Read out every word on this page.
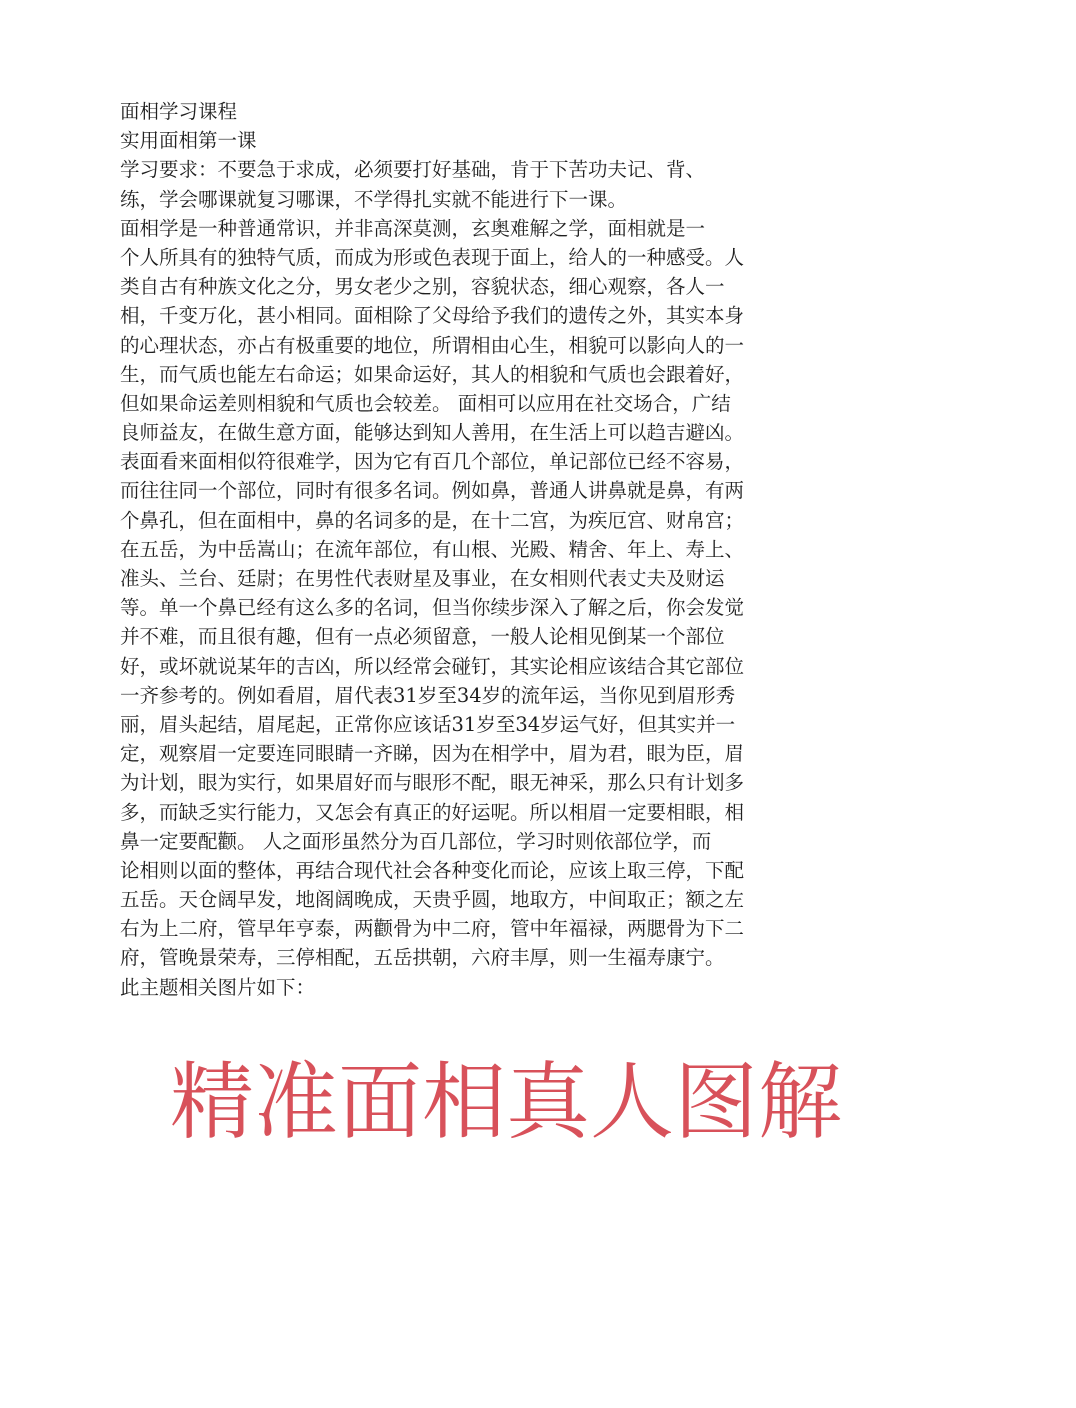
面相学习课程
实用面相第一课
学习要求：不要急于求成，必须要打好基础，肯于下苦功夫记、背、
练，学会哪课就复习哪课，不学得扎实就不能进行下一课。
面相学是一种普通常识，并非高深莫测，玄奥难解之学，面相就是一
个人所具有的独特气质，而成为形或色表现于面上，给人的一种感受。人
类自古有种族文化之分，男女老少之别，容貌状态，细心观察，各人一
相，千变万化，甚小相同。面相除了父母给予我们的遗传之外，其实本身
的心理状态，亦占有极重要的地位，所谓相由心生，相貌可以影向人的一
生，而气质也能左右命运；如果命运好，其人的相貌和气质也会跟着好，
但如果命运差则相貌和气质也会较差。 面相可以应用在社交场合，广结
良师益友，在做生意方面，能够达到知人善用，在生活上可以趋吉避凶。
表面看来面相似符很难学，因为它有百几个部位，单记部位已经不容易，
而往往同一个部位，同时有很多名词。例如鼻，普通人讲鼻就是鼻，有两
个鼻孔，但在面相中，鼻的名词多的是，在十二宫，为疾厄宫、财帛宫；
在五岳，为中岳嵩山；在流年部位，有山根、光殿、精舍、年上、寿上、
准头、兰台、廷尉；在男性代表财星及事业，在女相则代表丈夫及财运
等。单一个鼻已经有这么多的名词，但当你续步深入了解之后，你会发觉
并不难，而且很有趣，但有一点必须留意，一般人论相见倒某一个部位
好，或坏就说某年的吉凶，所以经常会碰钉，其实论相应该结合其它部位
一齐参考的。例如看眉，眉代表31岁至34岁的流年运，当你见到眉形秀
丽，眉头起结，眉尾起，正常你应该话31岁至34岁运气好，但其实并一
定，观察眉一定要连同眼睛一齐睇，因为在相学中，眉为君，眼为臣，眉
为计划，眼为实行，如果眉好而与眼形不配，眼无神采，那么只有计划多
多，而缺乏实行能力，又怎会有真正的好运呢。所以相眉一定要相眼，相
鼻一定要配颧。 人之面形虽然分为百几部位，学习时则依部位学，而
论相则以面的整体，再结合现代社会各种变化而论，应该上取三停，下配
五岳。天仓阔早发，地阁阔晚成，天贵乎圆，地取方，中间取正；额之左
右为上二府，管早年亨泰，两颧骨为中二府，管中年福禄，两腮骨为下二
府，管晚景荣寿，三停相配，五岳拱朝，六府丰厚，则一生福寿康宁。
此主题相关图片如下：
精准面相真人图解
